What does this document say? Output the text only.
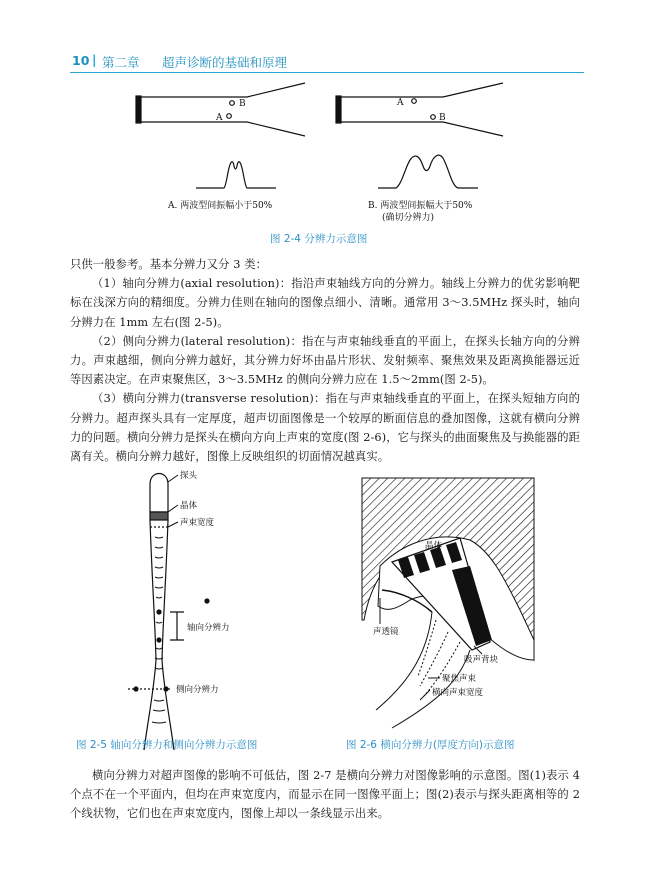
10 | 第二章 超声诊断的基础和原理
B
A
A. 两波型间振幅小于50%
A
B
B. 两波型间振幅大于50%
(确切分辨力)
图 2-4 分辨力示意图

只供一般参考。基本分辨力又分 3 类：

（1）轴向分辨力(axial resolution)：指沿声束轴线方向的分辨力。轴线上分辨力的优劣影响靶标在浅深方向的精细度。分辨力佳则在轴向的图像点细小、清晰。通常用 3～3.5MHz 探头时，轴向分辨力在 1mm 左右(图 2-5)。

（2）侧向分辨力(lateral resolution)：指在与声束轴线垂直的平面上，在探头长轴方向的分辨力。声束越细，侧向分辨力越好，其分辨力好坏由晶片形状、发射频率、聚焦效果及距离换能器远近等因素决定。在声束聚焦区，3～3.5MHz 的侧向分辨力应在 1.5～2mm(图 2-5)。

（3）横向分辨力(transverse resolution)：指在与声束轴线垂直的平面上，在探头短轴方向的分辨力。超声探头具有一定厚度，超声切面图像是一个较厚的断面信息的叠加图像，这就有横向分辨力的问题。横向分辨力是探头在横向方向上声束的宽度(图 2-6)，它与探头的曲面聚焦及与换能器的距离有关。横向分辨力越好，图像上反映组织的切面情况越真实。

探头
晶体
声束宽度
轴向分辨力
侧向分辨力
图 2-5 轴向分辨力和侧向分辨力示意图
晶体
声透镜
吸声背块
聚焦声束
横向声束宽度
图 2-6 横向分辨力(厚度方向)示意图

横向分辨力对超声图像的影响不可低估，图 2-7 是横向分辨力对图像影响的示意图。图(1)表示 4 个点不在一个平面内，但均在声束宽度内，而显示在同一图像平面上；图(2)表示与探头距离相等的 2 个线状物，它们也在声束宽度内，图像上却以一条线显示出来。
